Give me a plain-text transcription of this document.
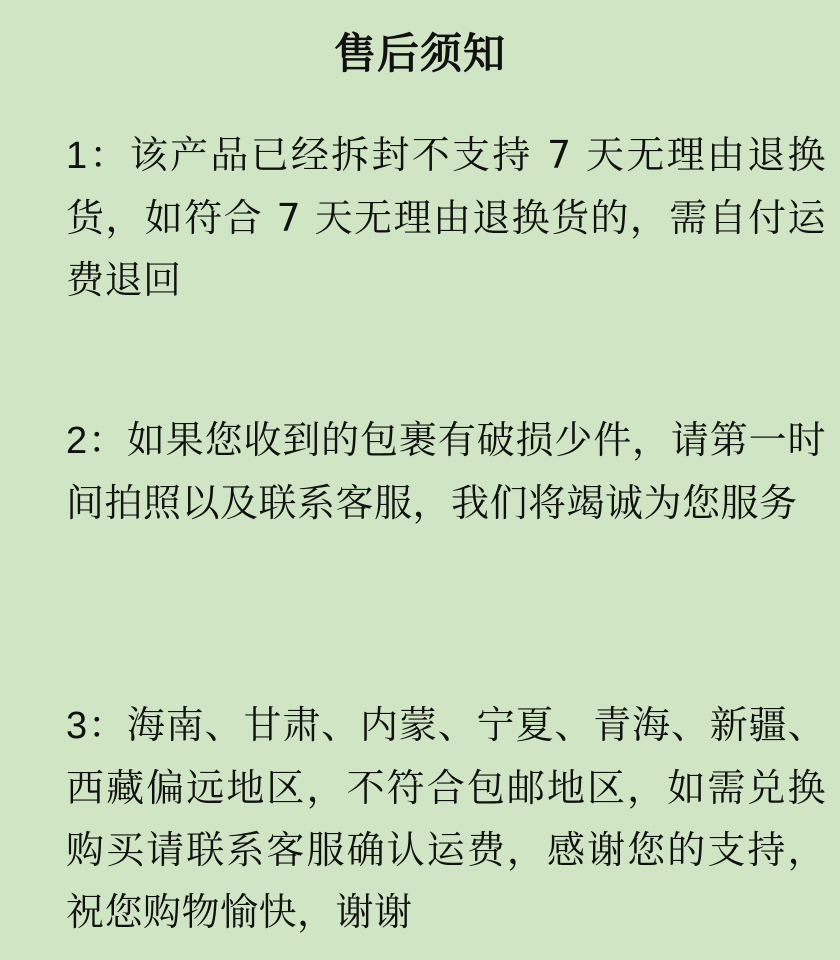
售后须知
1：该产品已经拆封不支持 7 天无理由退换货，如符合 7 天无理由退换货的，需自付运费退回
2：如果您收到的包裹有破损少件，请第一时间拍照以及联系客服，我们将竭诚为您服务
3：海南、甘肃、内蒙、宁夏、青海、新疆、西藏偏远地区，不符合包邮地区，如需兑换购买请联系客服确认运费，感谢您的支持，祝您购物愉快，谢谢
